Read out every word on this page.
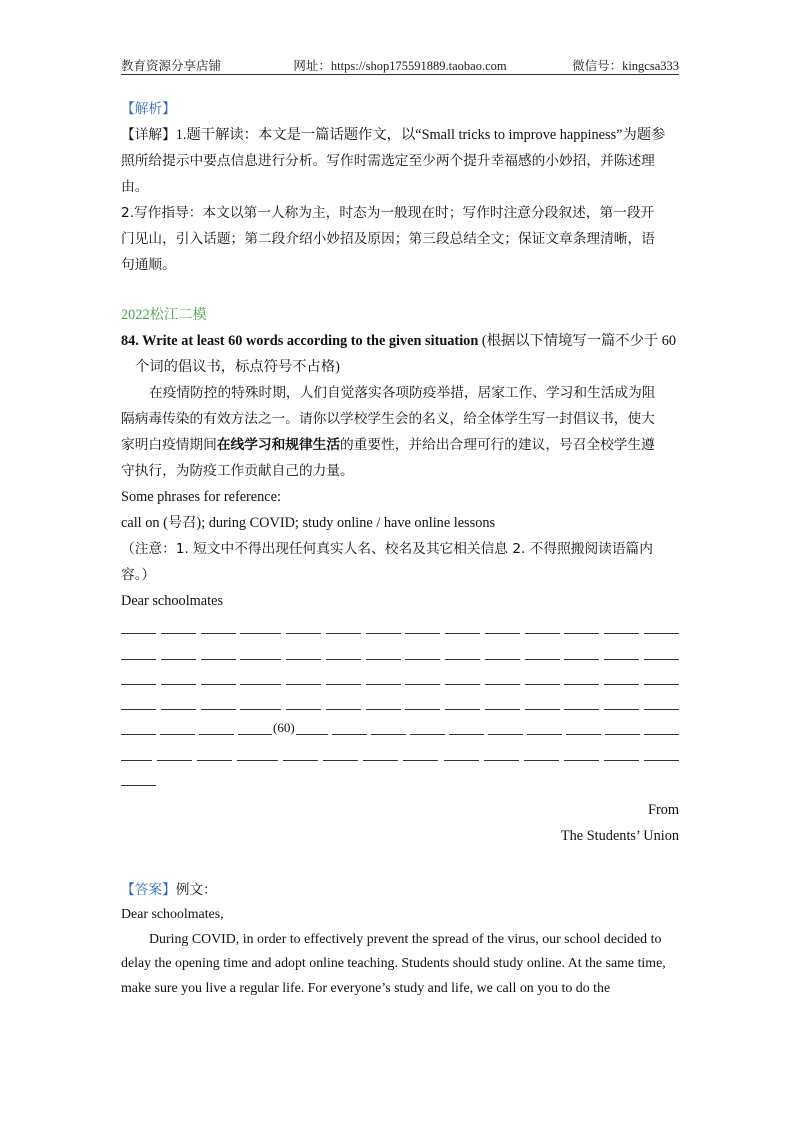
教育资源分享店铺	网址：https://shop175591889.taobao.com	微信号：kingcsa333
【解析】
【详解】1.题干解读：本文是一篇话题作文，以“Small tricks to improve happiness”为题参
照所给提示中要点信息进行分析。写作时需选定至少两个提升幸福感的小妙招，并陈述理
由。
2.写作指导：本文以第一人称为主，时态为一般现在时；写作时注意分段叙述，第一段开
门见山，引入话题；第二段介绍小妙招及原因；第三段总结全文；保证文章条理清晰，语
句通顺。
2022松江二模
84. Write at least 60 words according to the given situation (根据以下情境写一篇不少于 60
个词的倡议书，标点符号不占格)
在疫情防控的特殊时期，人们自觉落实各项防疫举措，居家工作、学习和生活成为阻
隔病毒传染的有效方法之一。请你以学校学生会的名义，给全体学生写一封倡议书，使大
家明白疫情期间在线学习和规律生活的重要性，并给出合理可行的建议，号召全校学生遵
守执行，为防疫工作贡献自己的力量。
Some phrases for reference:
call on (号召); during COVID; study online / have online lessons
（注意：1. 短文中不得出现任何真实人名、校名及其它相关信息 2. 不得照搬阅读语篇内
容。）
Dear schoolmates
(60)
From
The Students’ Union
【答案】例文：
Dear schoolmates,
During COVID, in order to effectively prevent the spread of the virus, our school decided to
delay the opening time and adopt online teaching. Students should study online. At the same time,
make sure you live a regular life. For everyone’s study and life, we call on you to do the
